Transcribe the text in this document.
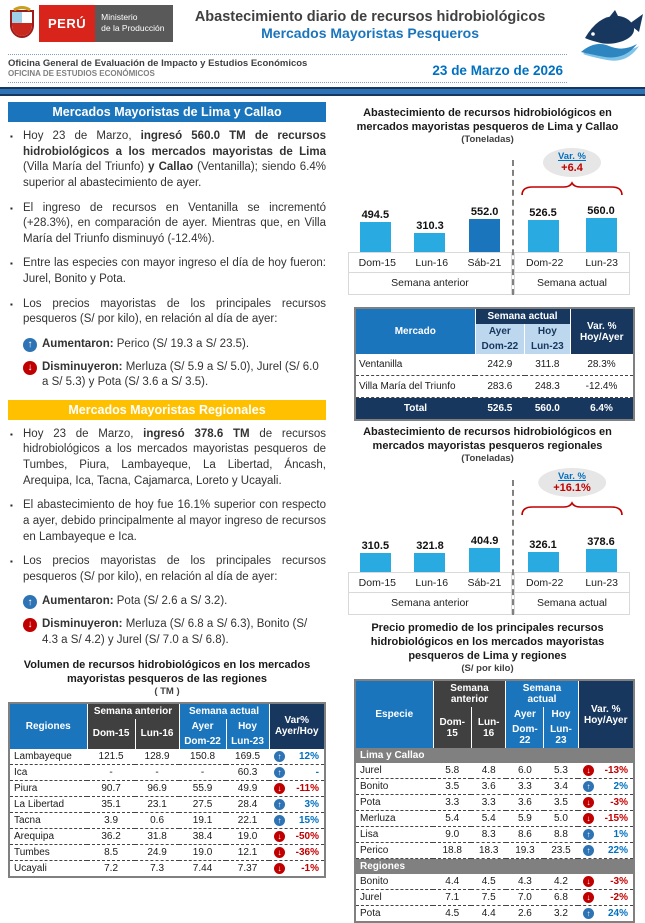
PERÚ	Ministerio
de la Producción
Abastecimiento diario de recursos hidrobiológicos
Mercados Mayoristas Pesqueros
Oficina General de Evaluación de Impacto y Estudios Económicos
OFICINA DE ESTUDIOS ECONÓMICOS	23 de Marzo de 2026
Mercados Mayoristas de Lima y Callao
▪ Hoy 23 de Marzo, ingresó 560.0 TM de recursos hidrobiológicos a los mercados mayoristas de Lima (Villa María del Triunfo) y Callao (Ventanilla); siendo 6.4% superior al abastecimiento de ayer.
▪ El ingreso de recursos en Ventanilla se incrementó (+28.3%), en comparación de ayer. Mientras que, en Villa María del Triunfo disminuyó (-12.4%).
▪ Entre las especies con mayor ingreso el día de hoy fueron: Jurel, Bonito y Pota.
▪ Los precios mayoristas de los principales recursos pesqueros (S/ por kilo), en relación al día de ayer:
↑ Aumentaron: Perico (S/ 19.3 a S/ 23.5).
↓ Disminuyeron: Merluza (S/ 5.9 a S/ 5.0), Jurel (S/ 6.0 a S/ 5.3) y Pota (S/ 3.6 a S/ 3.5).
Mercados Mayoristas Regionales
▪ Hoy 23 de Marzo, ingresó 378.6 TM de recursos hidrobiológicos a los mercados mayoristas pesqueros de Tumbes, Piura, Lambayeque, La Libertad, Áncash, Arequipa, Ica, Tacna, Cajamarca, Loreto y Ucayali.
▪ El abastecimiento de hoy fue 16.1% superior con respecto a ayer, debido principalmente al mayor ingreso de recursos en Lambayeque e Ica.
▪ Los precios mayoristas de los principales recursos pesqueros (S/ por kilo), en relación al día de ayer:
↑ Aumentaron: Pota (S/ 2.6 a S/ 3.2).
↓ Disminuyeron: Merluza (S/ 6.8 a S/ 6.3), Bonito (S/ 4.3 a S/ 4.2) y Jurel (S/ 7.0 a S/ 6.8).
Volumen de recursos hidrobiológicos en los mercados mayoristas pesqueros de las regiones
( TM )
Regiones	Semana anterior		Semana actual		Var%
Ayer/Hoy

	Dom-15	Lun-16	Ayer	Hoy	
			Dom-22	Lun-23	
Lambayeque	121.5	128.9	150.8	169.5	↑ 12%

Ica	-	-	-	60.3	↑ -

Piura	90.7	96.9	55.9	49.9	↓ -11%

La Libertad	35.1	23.1	27.5	28.4	↑ 3%

Tacna	3.9	0.6	19.1	22.1	↑ 15%

Arequipa	36.2	31.8	38.4	19.0	↓ -50%

Tumbes	8.5	24.9	19.0	12.1	↓ -36%

Ucayali	7.2	7.3	7.44	7.37	↓ -1%
Abastecimiento de recursos hidrobiológicos en mercados mayoristas pesqueros de Lima y Callao
(Toneladas)
494.5
310.3
552.0
Dom-15 Lun-16 Sáb-21
Semana anterior
526.5	560.0
Dom-22 Lun-23
Semana actual
Var. %
+6.4
Mercado	Semana actual		Var. %
Hoy/Ayer

	Ayer	Hoy	
	Dom-22	Lun-23	
Ventanilla	242.9	311.8	28.3%
Villa María del Triunfo	283.6	248.3	-12.4%
Total	526.5	560.0	6.4%
Abastecimiento de recursos hidrobiológicos en mercados mayoristas pesqueros regionales
(Toneladas)
310.5 321.8 404.9
Dom-15 Lun-16 Sáb-21
Semana anterior
326.1	378.6
Dom-22 Lun-23
Semana actual
Var. %
+16.1%
Precio promedio de los principales recursos hidrobiológicos en los mercados mayoristas pesqueros de Lima y regiones
(S/ por kilo)
Especie	Semana anterior		Semana actual		Var. %
Hoy/Ayer

	Dom-15	Lun-16	Ayer	Hoy	
			Dom-22	Lun-23	
Lima y Callao					
Jurel	5.8	4.8	6.0	5.3	↓ -13%

Bonito	3.5	3.6	3.3	3.4	↑ 2%

Pota	3.3	3.3	3.6	3.5	↓ -3%

Merluza	5.4	5.4	5.9	5.0	↓ -15%

Lisa	9.0	8.3	8.6	8.8	↑ 1%

Perico	18.8	18.3	19.3	23.5	↑ 22%

Regiones					
Bonito	4.4	4.5	4.3	4.2	↓ -3%

Jurel	7.1	7.5	7.0	6.8	↓ -2%

Pota	4.5	4.4	2.6	3.2	↑ 24%
